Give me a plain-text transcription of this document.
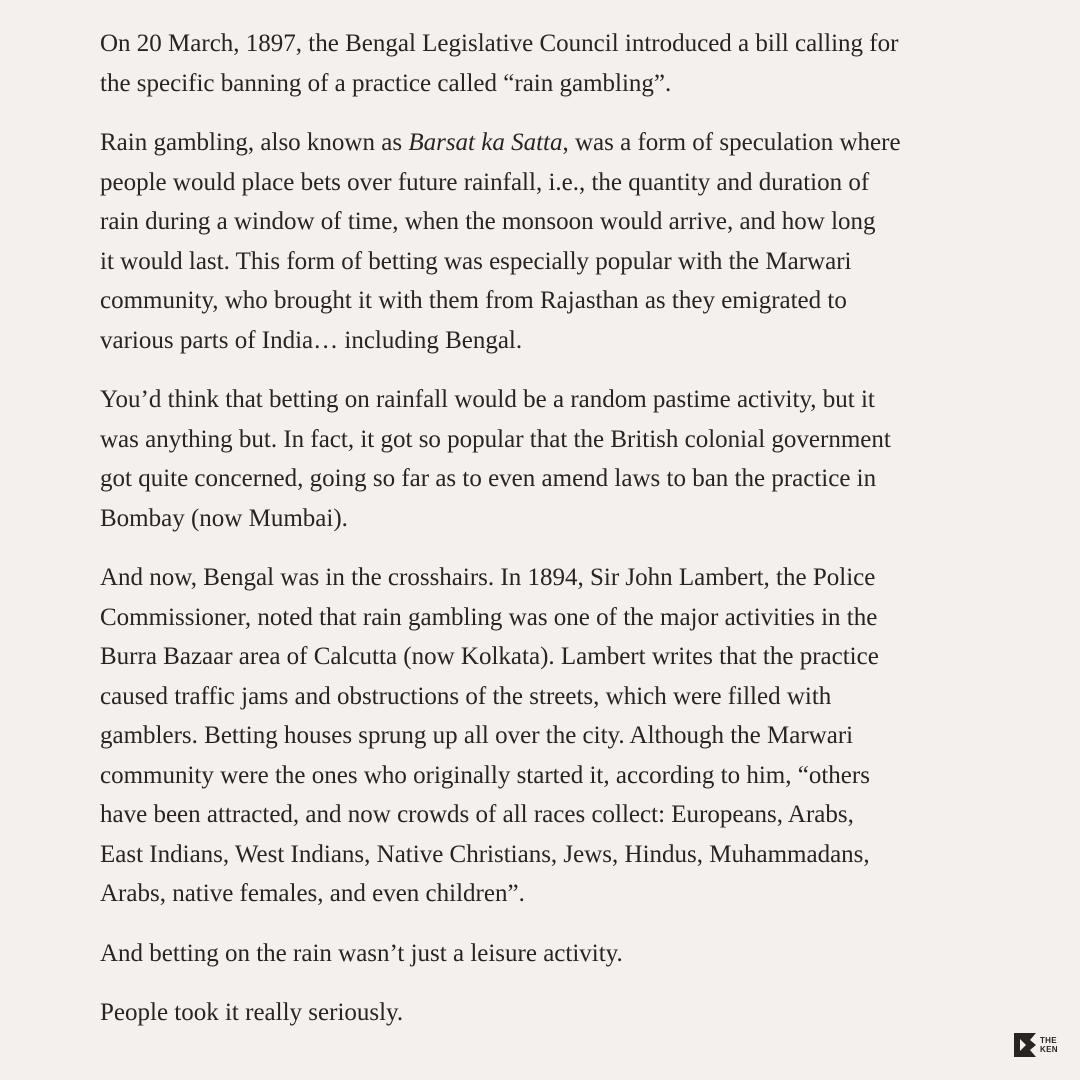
On 20 March, 1897, the Bengal Legislative Council introduced a bill calling for
the specific banning of a practice called “rain gambling”.

Rain gambling, also known as Barsat ka Satta, was a form of speculation where
people would place bets over future rainfall, i.e., the quantity and duration of
rain during a window of time, when the monsoon would arrive, and how long
it would last. This form of betting was especially popular with the Marwari
community, who brought it with them from Rajasthan as they emigrated to
various parts of India… including Bengal.

You’d think that betting on rainfall would be a random pastime activity, but it
was anything but. In fact, it got so popular that the British colonial government
got quite concerned, going so far as to even amend laws to ban the practice in
Bombay (now Mumbai).

And now, Bengal was in the crosshairs. In 1894, Sir John Lambert, the Police
Commissioner, noted that rain gambling was one of the major activities in the
Burra Bazaar area of Calcutta (now Kolkata). Lambert writes that the practice
caused traffic jams and obstructions of the streets, which were filled with
gamblers. Betting houses sprung up all over the city. Although the Marwari
community were the ones who originally started it, according to him, “others
have been attracted, and now crowds of all races collect: Europeans, Arabs,
East Indians, West Indians, Native Christians, Jews, Hindus, Muhammadans,
Arabs, native females, and even children”.

And betting on the rain wasn’t just a leisure activity.

People took it really seriously.

THE
KEN
